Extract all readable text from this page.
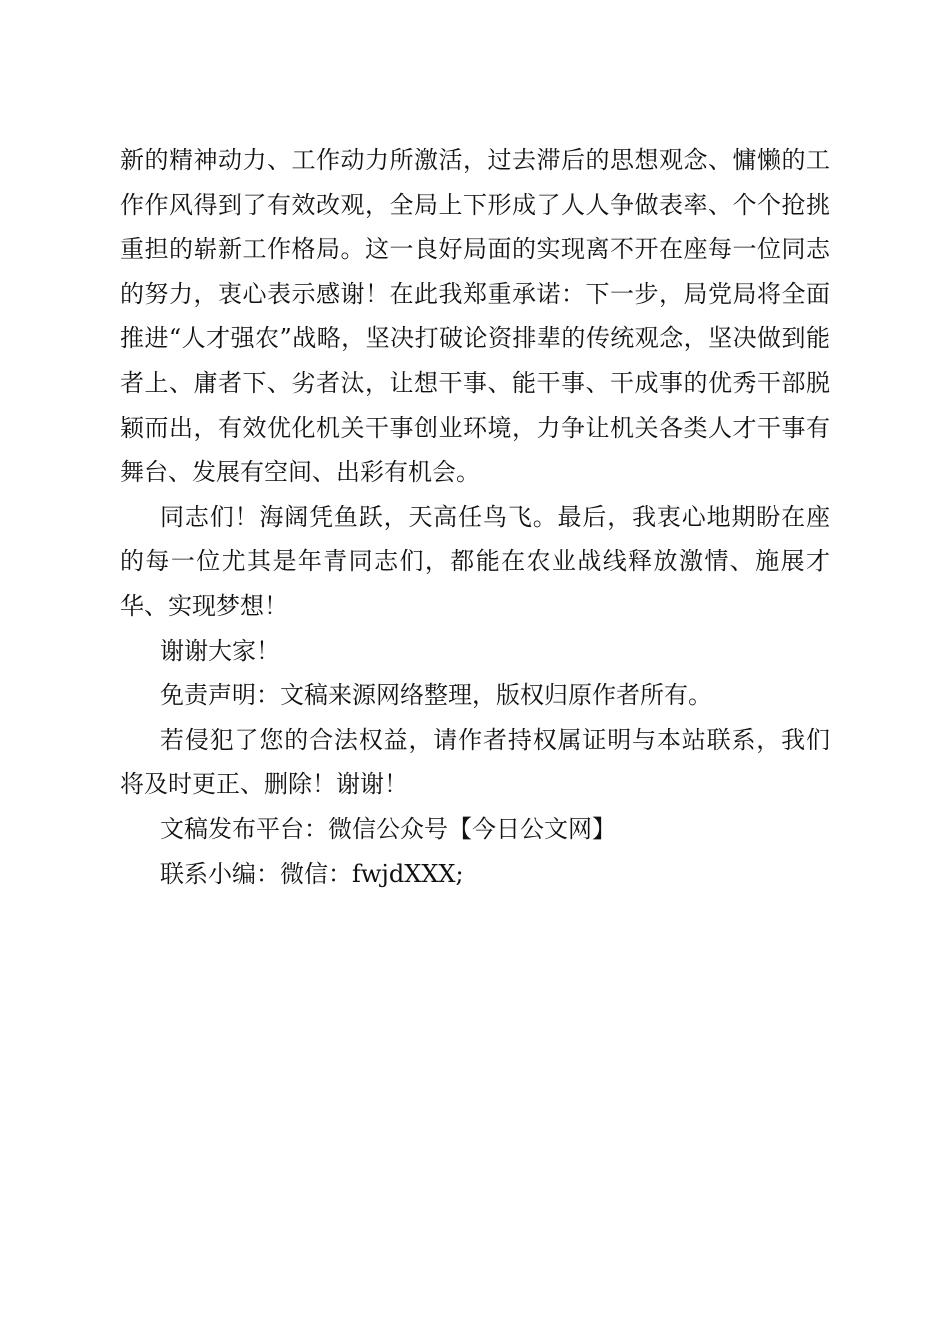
新的精神动力、工作动力所激活，过去滞后的思想观念、慵懒的工作作风得到了有效改观，全局上下形成了人人争做表率、个个抢挑重担的崭新工作格局。这一良好局面的实现离不开在座每一位同志的努力，衷心表示感谢！在此我郑重承诺：下一步，局党局将全面推进“人才强农”战略，坚决打破论资排辈的传统观念，坚决做到能者上、庸者下、劣者汰，让想干事、能干事、干成事的优秀干部脱颖而出，有效优化机关干事创业环境，力争让机关各类人才干事有舞台、发展有空间、出彩有机会。

同志们！海阔凭鱼跃，天高任鸟飞。最后，我衷心地期盼在座的每一位尤其是年青同志们，都能在农业战线释放激情、施展才华、实现梦想！

谢谢大家！

免责声明：文稿来源网络整理，版权归原作者所有。

若侵犯了您的合法权益，请作者持权属证明与本站联系，我们将及时更正、删除！谢谢！

文稿发布平台：微信公众号【今日公文网】

联系小编：微信：fwjdXXX;
